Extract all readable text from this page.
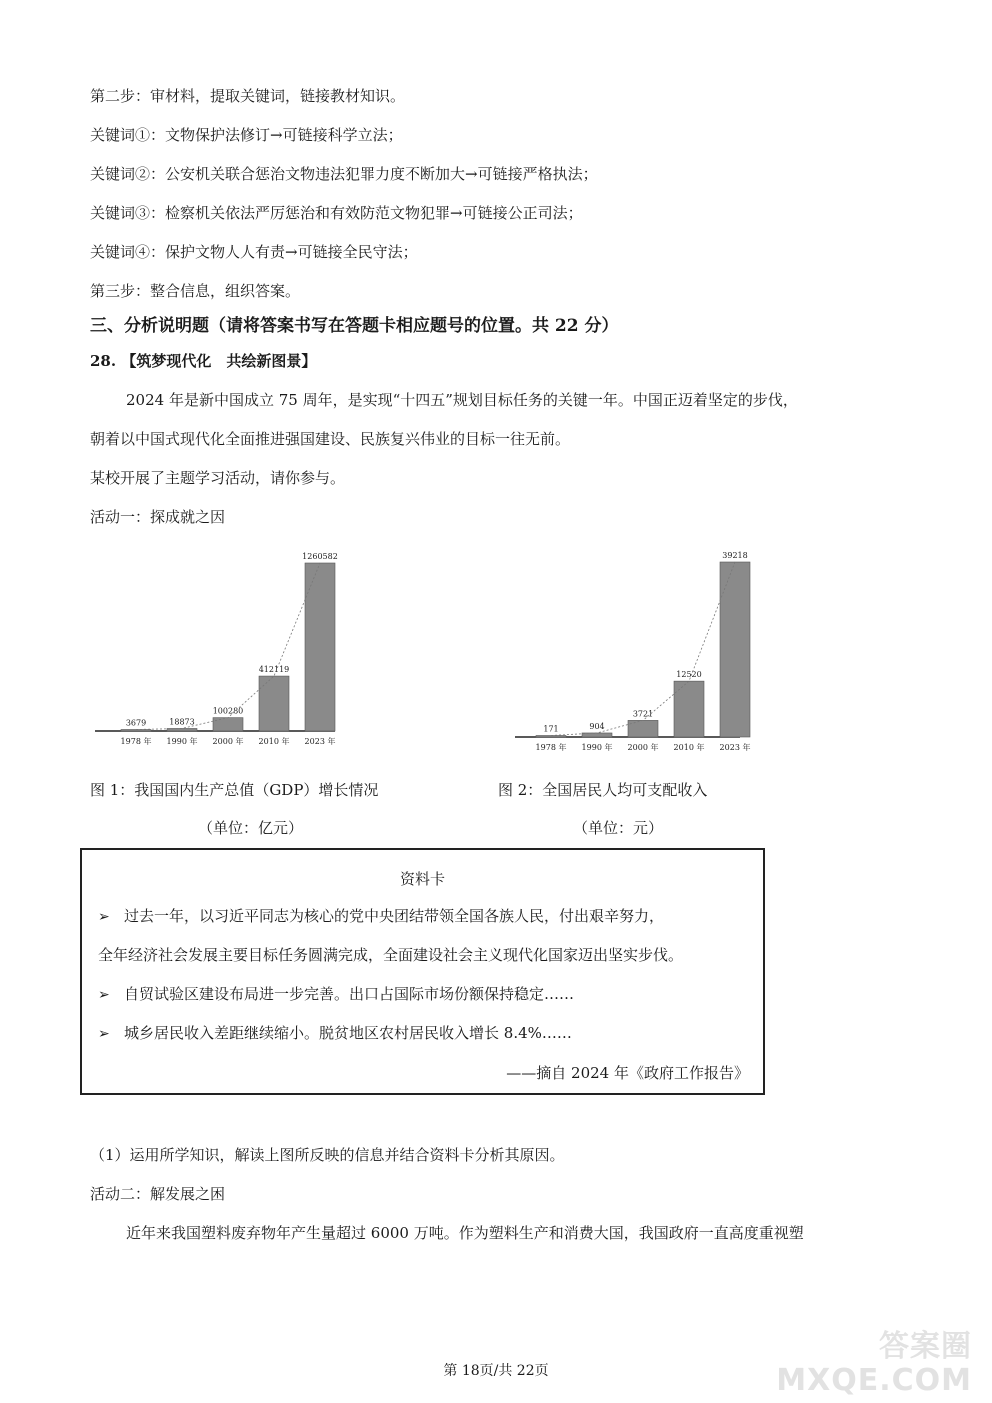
第二步：审材料，提取关键词，链接教材知识。
关键词①：文物保护法修订→可链接科学立法；
关键词②：公安机关联合惩治文物违法犯罪力度不断加大→可链接严格执法；
关键词③：检察机关依法严厉惩治和有效防范文物犯罪→可链接公正司法；
关键词④：保护文物人人有责→可链接全民守法；
第三步：整合信息，组织答案。
三、分析说明题（请将答案书写在答题卡相应题号的位置。共 22 分）
28. 【筑梦现代化　共绘新图景】
2024 年是新中国成立 75 周年，是实现“十四五”规划目标任务的关键一年。中国正迈着坚定的步伐，
朝着以中国式现代化全面推进强国建设、民族复兴伟业的目标一往无前。
某校开展了主题学习活动，请你参与。
活动一：探成就之因
3679
1978 年
18873
1990 年
100280
2000 年
412119
2010 年
1260582
2023 年
171
1978 年
904
1990 年
3721
2000 年
12520
2010 年
39218
2023 年
图 1：我国国内生产总值（GDP）增长情况
（单位：亿元）
图 2：全国居民人均可支配收入
（单位：元）
资料卡
➢ 过去一年，以习近平同志为核心的党中央团结带领全国各族人民，付出艰辛努力，
全年经济社会发展主要目标任务圆满完成，全面建设社会主义现代化国家迈出坚实步伐。
➢ 自贸试验区建设布局进一步完善。出口占国际市场份额保持稳定……
➢ 城乡居民收入差距继续缩小。脱贫地区农村居民收入增长 8.4%……
——摘自 2024 年《政府工作报告》
（1）运用所学知识，解读上图所反映的信息并结合资料卡分析其原因。
活动二：解发展之困
近年来我国塑料废弃物年产生量超过 6000 万吨。作为塑料生产和消费大国，我国政府一直高度重视塑
第 18页/共 22页
答案圈
MXQE.COM
